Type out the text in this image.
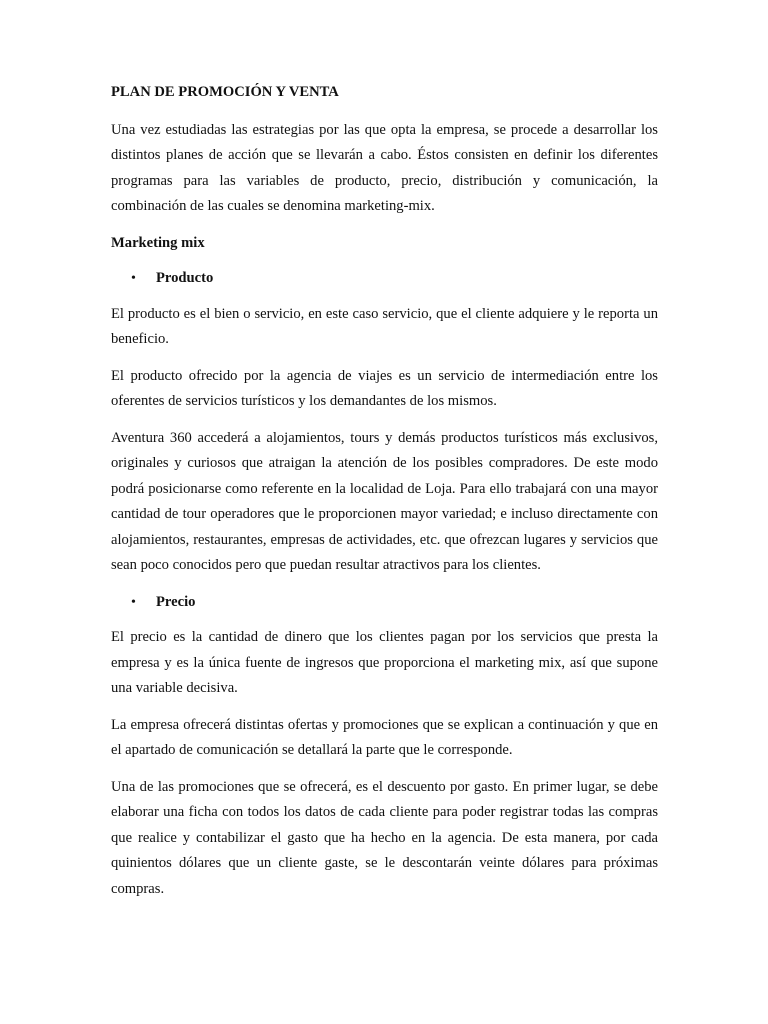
PLAN DE PROMOCIÓN Y VENTA

Una vez estudiadas las estrategias por las que opta la empresa, se procede a desarrollar los distintos planes de acción que se llevarán a cabo. Éstos consisten en definir los diferentes programas para las variables de producto, precio, distribución y comunicación, la combinación de las cuales se denomina marketing-mix.

Marketing mix
•	Producto

El producto es el bien o servicio, en este caso servicio, que el cliente adquiere y le reporta un beneficio.

El producto ofrecido por la agencia de viajes es un servicio de intermediación entre los oferentes de servicios turísticos y los demandantes de los mismos.

Aventura 360 accederá a alojamientos, tours y demás productos turísticos más exclusivos, originales y curiosos que atraigan la atención de los posibles compradores. De este modo podrá posicionarse como referente en la localidad de Loja. Para ello trabajará con una mayor cantidad de tour operadores que le proporcionen mayor variedad; e incluso directamente con alojamientos, restaurantes, empresas de actividades, etc. que ofrezcan lugares y servicios que sean poco conocidos pero que puedan resultar atractivos para los clientes.

•	Precio

El precio es la cantidad de dinero que los clientes pagan por los servicios que presta la empresa y es la única fuente de ingresos que proporciona el marketing mix, así que supone una variable decisiva.

La empresa ofrecerá distintas ofertas y promociones que se explican a continuación y que en el apartado de comunicación se detallará la parte que le corresponde.

Una de las promociones que se ofrecerá, es el descuento por gasto. En primer lugar, se debe elaborar una ficha con todos los datos de cada cliente para poder registrar todas las compras que realice y contabilizar el gasto que ha hecho en la agencia. De esta manera, por cada quinientos dólares que un cliente gaste, se le descontarán veinte dólares para próximas compras.
